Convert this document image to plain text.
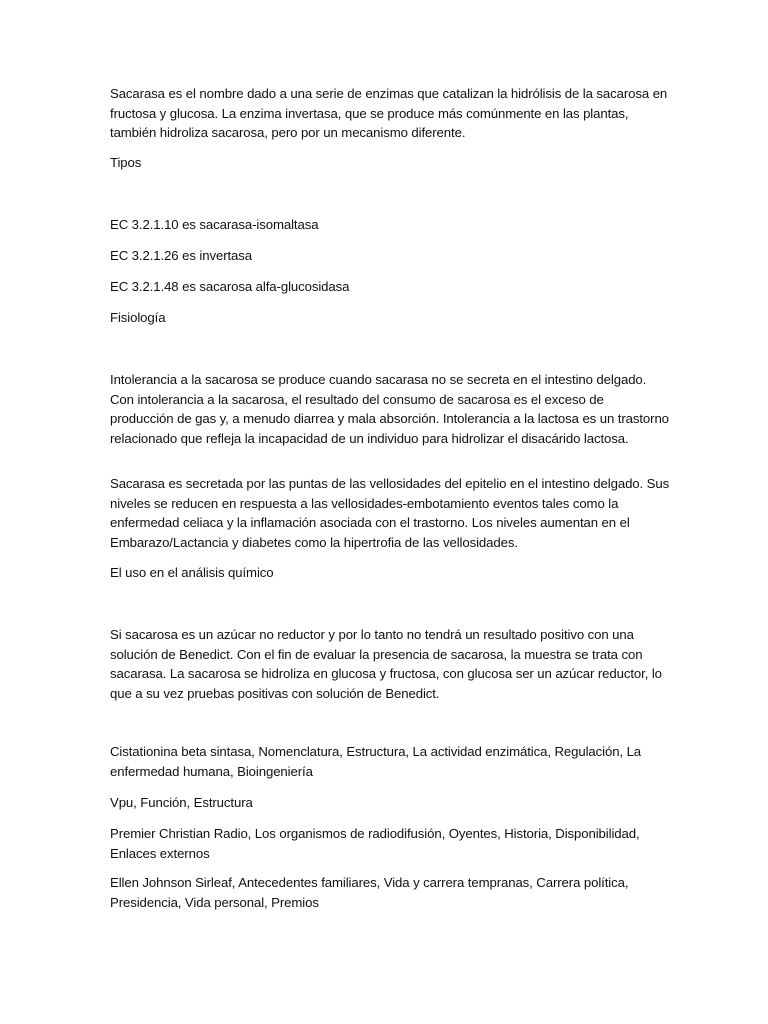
Sacarasa es el nombre dado a una serie de enzimas que catalizan la hidrólisis de la sacarosa en fructosa y glucosa. La enzima invertasa, que se produce más comúnmente en las plantas, también hidroliza sacarosa, pero por un mecanismo diferente.

Tipos

EC 3.2.1.10 es sacarasa-isomaltasa

EC 3.2.1.26 es invertasa

EC 3.2.1.48 es sacarosa alfa-glucosidasa

Fisiología

Intolerancia a la sacarosa se produce cuando sacarasa no se secreta en el intestino delgado. Con intolerancia a la sacarosa, el resultado del consumo de sacarosa es el exceso de producción de gas y, a menudo diarrea y mala absorción. Intolerancia a la lactosa es un trastorno relacionado que refleja la incapacidad de un individuo para hidrolizar el disacárido lactosa.

Sacarasa es secretada por las puntas de las vellosidades del epitelio en el intestino delgado. Sus niveles se reducen en respuesta a las vellosidades-embotamiento eventos tales como la enfermedad celiaca y la inflamación asociada con el trastorno. Los niveles aumentan en el Embarazo/Lactancia y diabetes como la hipertrofia de las vellosidades.

El uso en el análisis químico

Si sacarosa es un azúcar no reductor y por lo tanto no tendrá un resultado positivo con una solución de Benedict. Con el fin de evaluar la presencia de sacarosa, la muestra se trata con sacarasa. La sacarosa se hidroliza en glucosa y fructosa, con glucosa ser un azúcar reductor, lo que a su vez pruebas positivas con solución de Benedict.

Cistationina beta sintasa, Nomenclatura, Estructura, La actividad enzimática, Regulación, La enfermedad humana, Bioingeniería

Vpu, Función, Estructura

Premier Christian Radio, Los organismos de radiodifusión, Oyentes, Historia, Disponibilidad, Enlaces externos

Ellen Johnson Sirleaf, Antecedentes familiares, Vida y carrera tempranas, Carrera política, Presidencia, Vida personal, Premios
